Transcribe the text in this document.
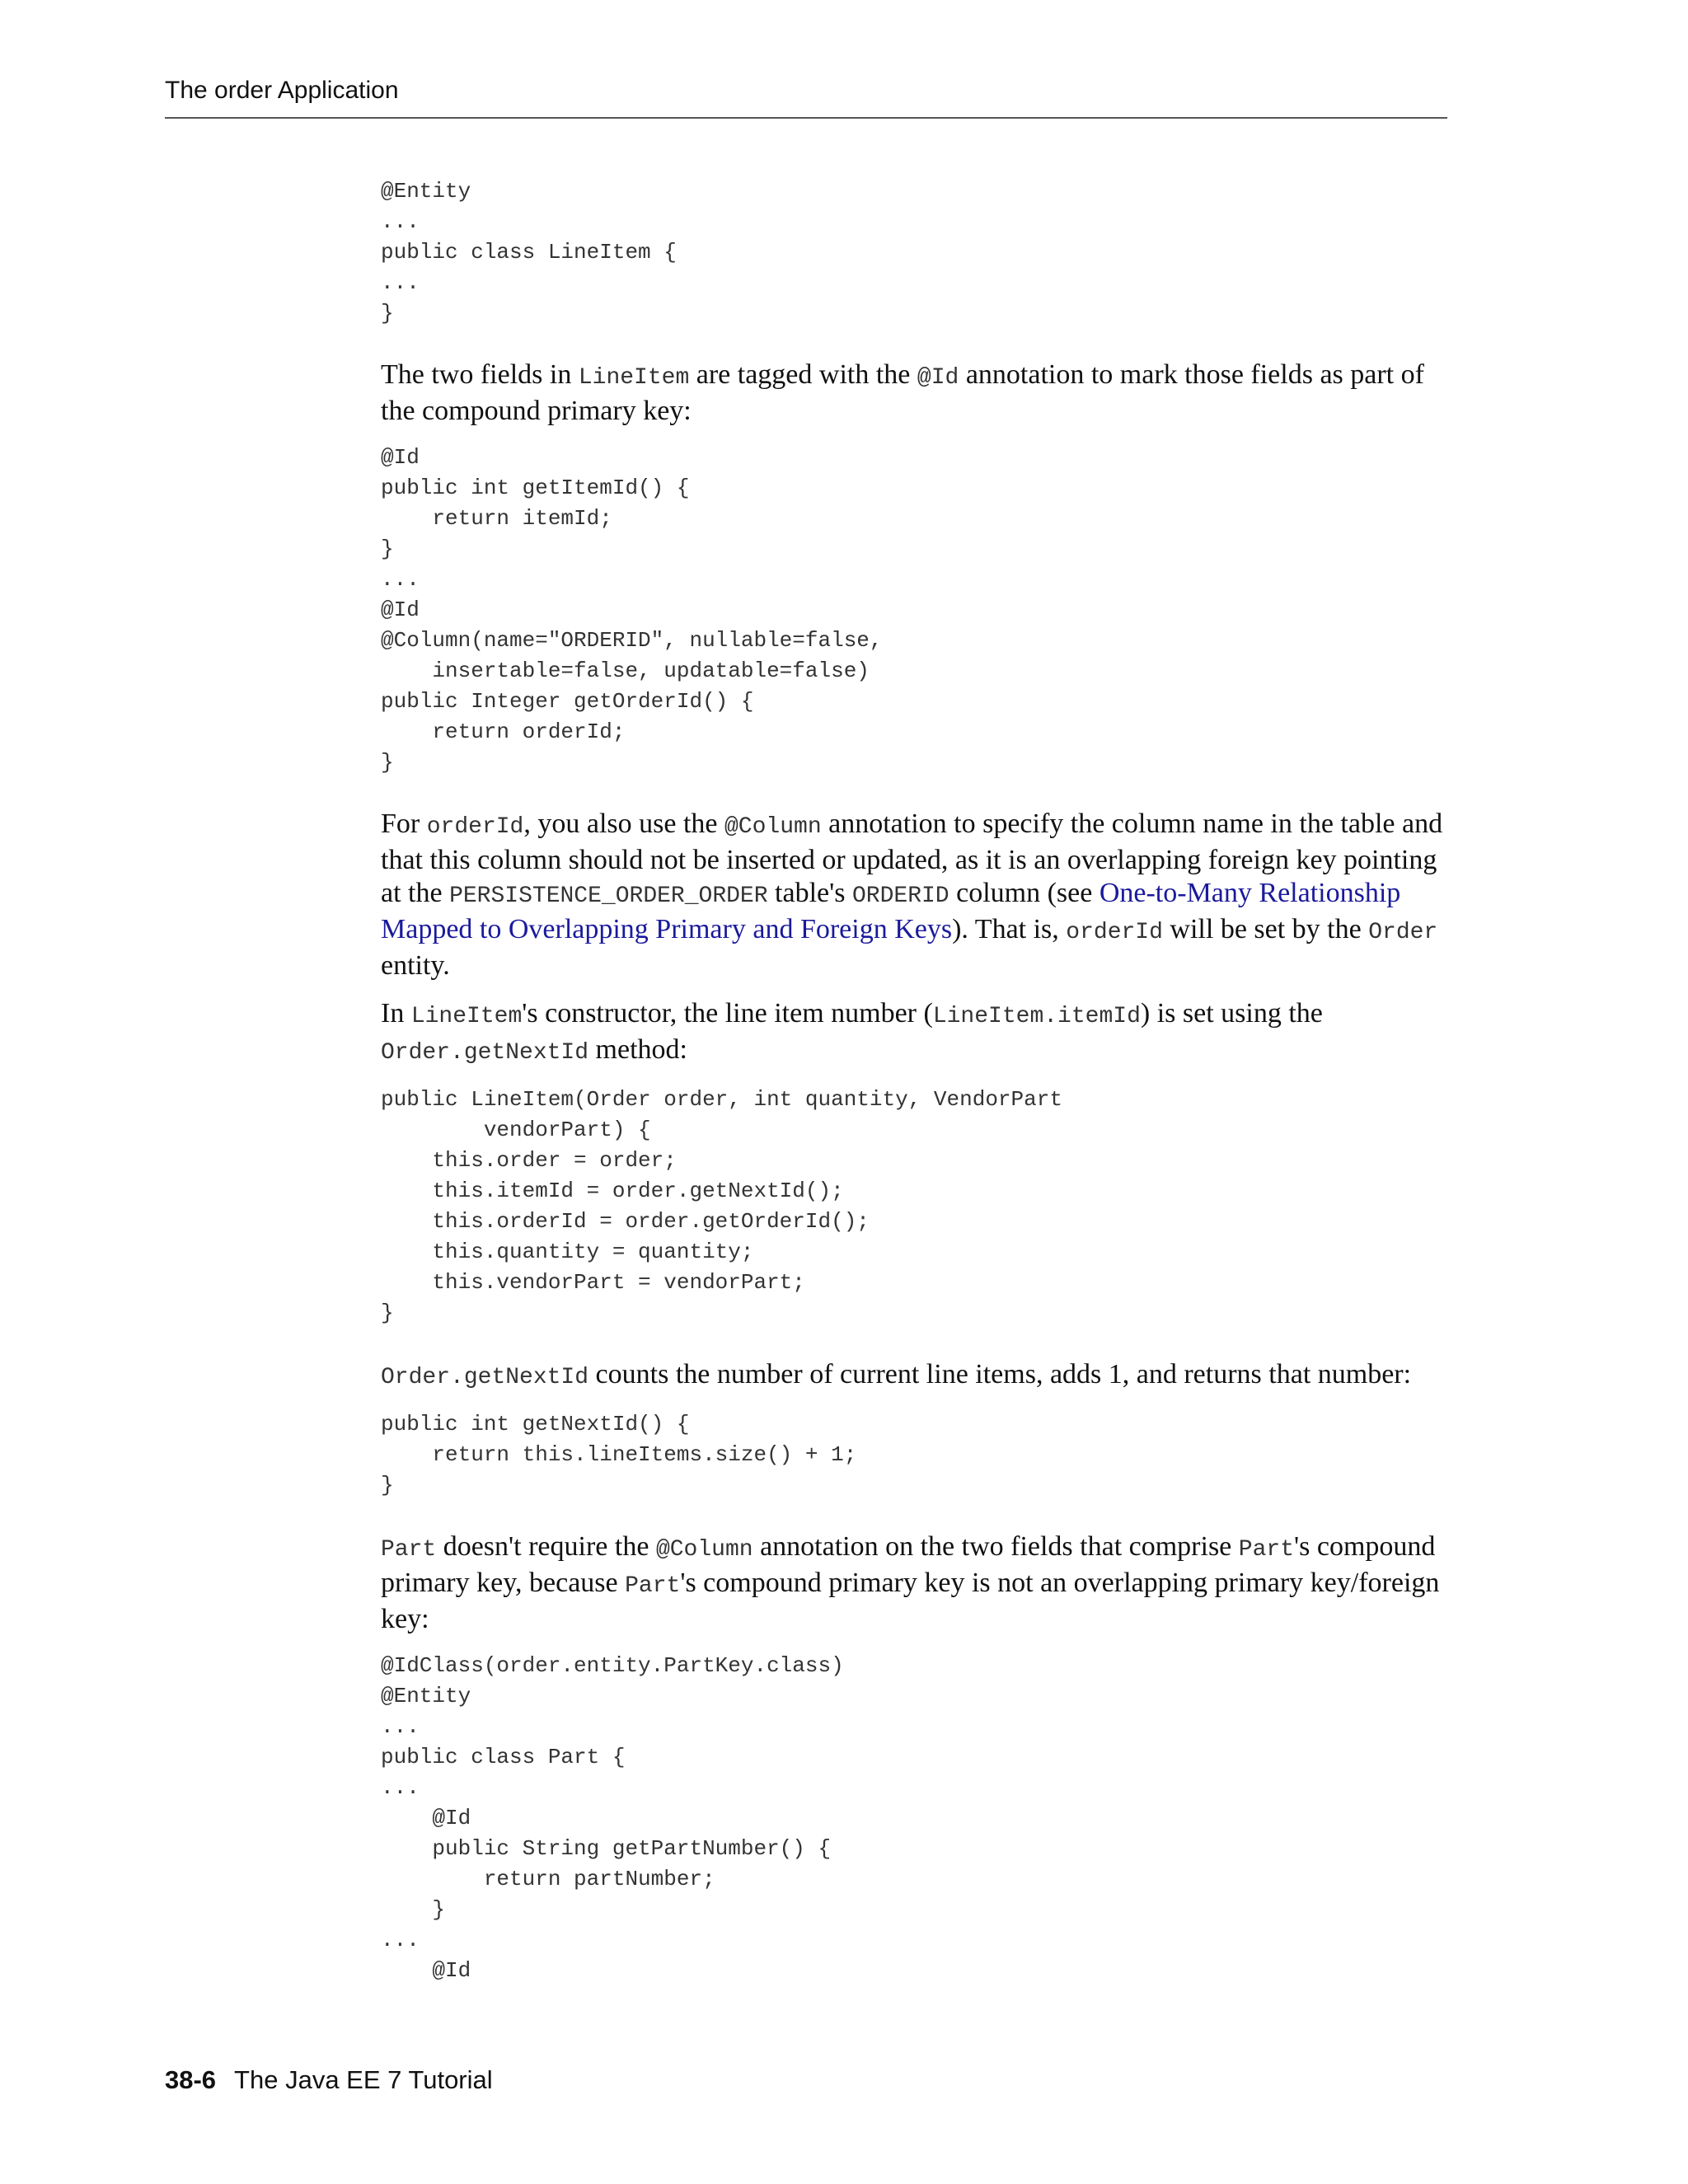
The order Application
@Entity
...
public class LineItem {
...
}

The two fields in LineItem are tagged with the @Id annotation to mark those fields as part of the compound primary key:

@Id
public int getItemId() {
return itemId;
}
...
@Id
@Column(name="ORDERID", nullable=false,
insertable=false, updatable=false)
public Integer getOrderId() {
return orderId;
}

For orderId, you also use the @Column annotation to specify the column name in the table and that this column should not be inserted or updated, as it is an overlapping foreign key pointing at the PERSISTENCE_ORDER_ORDER table's ORDERID column (see One-to-Many Relationship Mapped to Overlapping Primary and Foreign Keys). That is, orderId will be set by the Order entity.

In LineItem's constructor, the line item number (LineItem.itemId) is set using the Order.getNextId method:

public LineItem(Order order, int quantity, VendorPart
vendorPart) {
this.order = order;
this.itemId = order.getNextId();
this.orderId = order.getOrderId();
this.quantity = quantity;
this.vendorPart = vendorPart;
}

Order.getNextId counts the number of current line items, adds 1, and returns that number:

public int getNextId() {
return this.lineItems.size() + 1;
}

Part doesn't require the @Column annotation on the two fields that comprise Part's compound primary key, because Part's compound primary key is not an overlapping primary key/foreign key:

@IdClass(order.entity.PartKey.class)
@Entity
...
public class Part {
...
@Id
public String getPartNumber() {
return partNumber;
}
...
@Id
38-6 The Java EE 7 Tutorial
